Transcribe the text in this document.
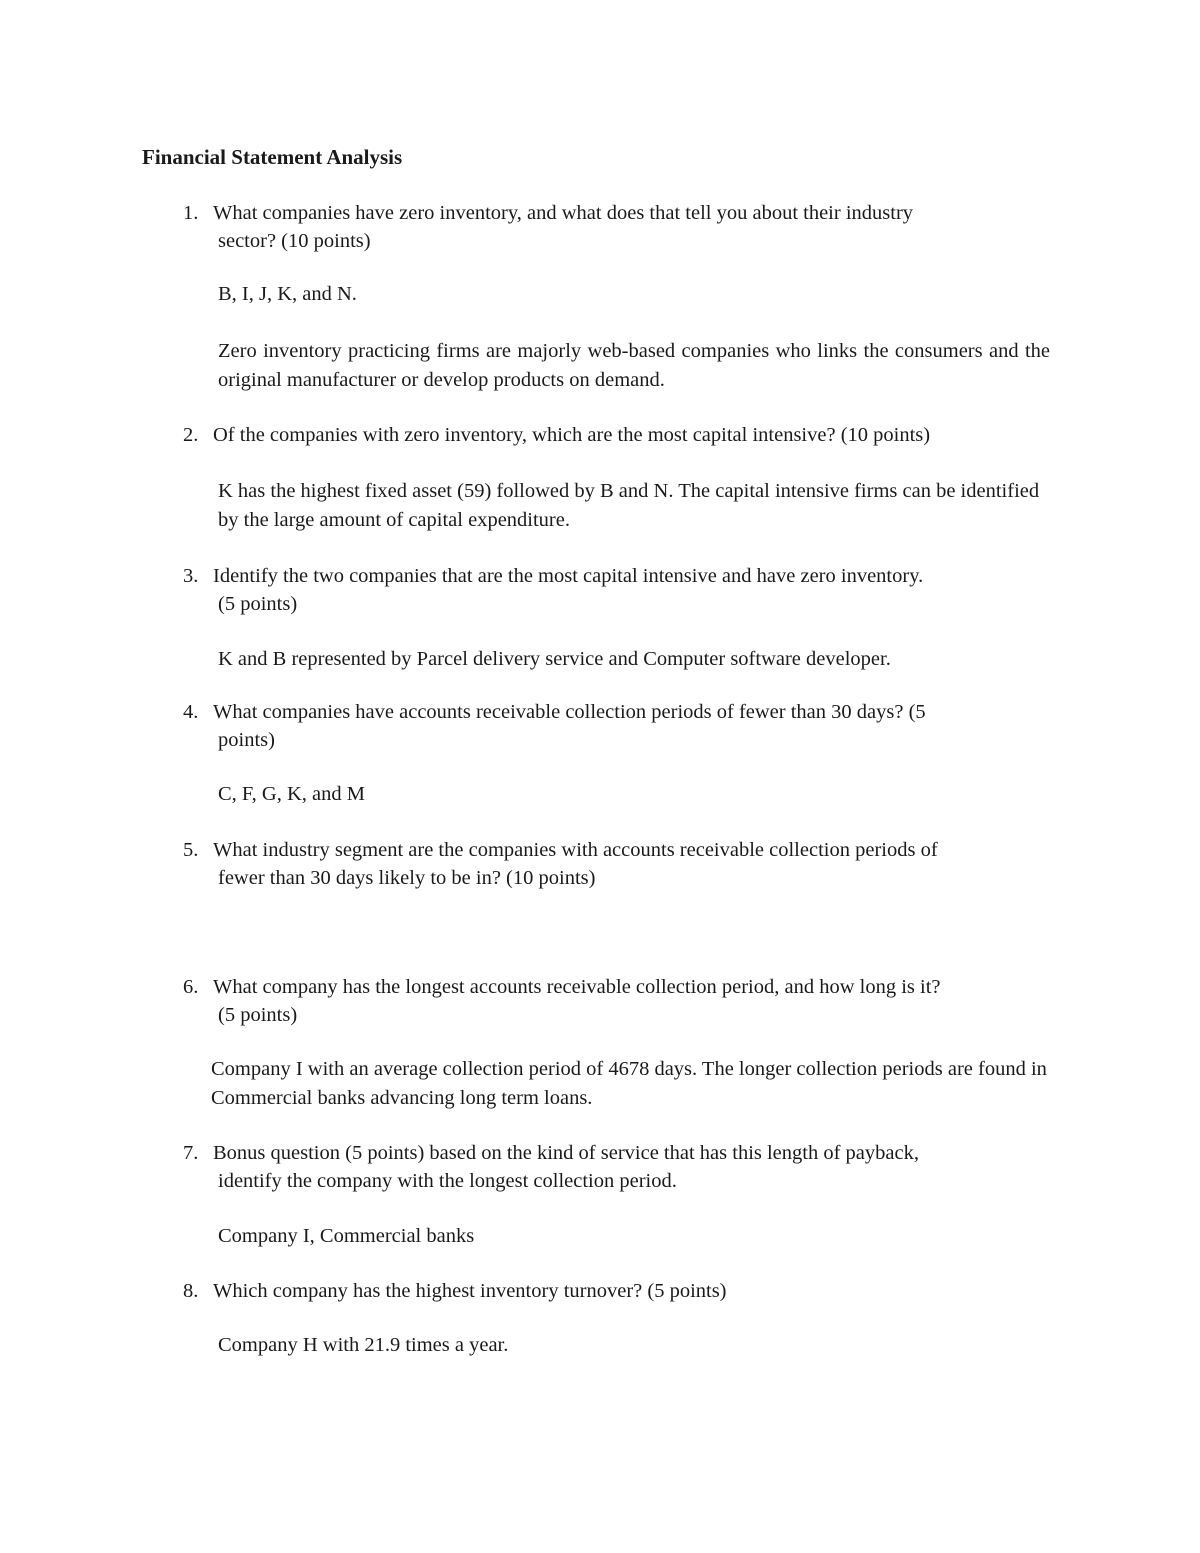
Financial Statement Analysis

1. What companies have zero inventory, and what does that tell you about their industry
sector? (10 points)

B, I, J, K, and N.

Zero inventory practicing firms are majorly web-based companies who links the consumers and the original manufacturer or develop products on demand.

2. Of the companies with zero inventory, which are the most capital intensive? (10 points)

K has the highest fixed asset (59) followed by B and N. The capital intensive firms can be identified by the large amount of capital expenditure.

3. Identify the two companies that are the most capital intensive and have zero inventory.
(5 points)

K and B represented by Parcel delivery service and Computer software developer.

4. What companies have accounts receivable collection periods of fewer than 30 days? (5
points)

C, F, G, K, and M

5. What industry segment are the companies with accounts receivable collection periods of
fewer than 30 days likely to be in? (10 points)

6. What company has the longest accounts receivable collection period, and how long is it?
(5 points)

Company I with an average collection period of 4678 days. The longer collection periods are found in Commercial banks advancing long term loans.

7. Bonus question (5 points) based on the kind of service that has this length of payback,
identify the company with the longest collection period.

Company I, Commercial banks

8. Which company has the highest inventory turnover? (5 points)

Company H with 21.9 times a year.
